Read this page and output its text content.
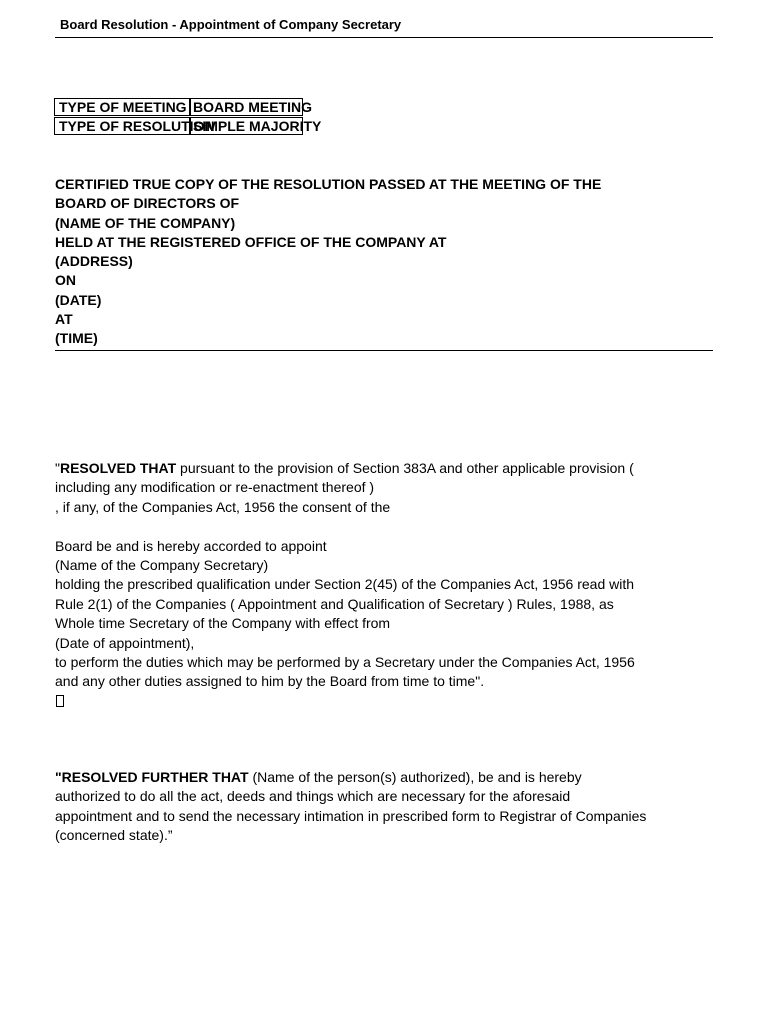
Board Resolution - Appointment of Company Secretary
TYPE OF MEETING BOARD MEETING
TYPE OF RESOLUTION
SIMPLE MAJORITY
CERTIFIED TRUE COPY OF THE RESOLUTION PASSED AT THE MEETING OF THE
BOARD OF DIRECTORS OF
(NAME OF THE COMPANY)
HELD AT THE REGISTERED OFFICE OF THE COMPANY AT
(ADDRESS)
ON
(DATE)
AT
(TIME)
"RESOLVED THAT pursuant to the provision of Section 383A and other applicable provision (
including any modification or re-enactment thereof )
, if any, of the Companies Act, 1956 the consent of the
Board be and is hereby accorded to appoint
(Name of the Company Secretary)
holding the prescribed qualification under Section 2(45) of the Companies Act, 1956 read with
Rule 2(1) of the Companies ( Appointment and Qualification of Secretary ) Rules, 1988, as
Whole time Secretary of the Company with effect from
(Date of appointment),
to perform the duties which may be performed by a Secretary under the Companies Act, 1956
and any other duties assigned to him by the Board from time to time".
"RESOLVED FURTHER THAT (Name of the person(s) authorized), be and is hereby
authorized to do all the act, deeds and things which are necessary for the aforesaid
appointment and to send the necessary intimation in prescribed form to Registrar of Companies
(concerned state).”
